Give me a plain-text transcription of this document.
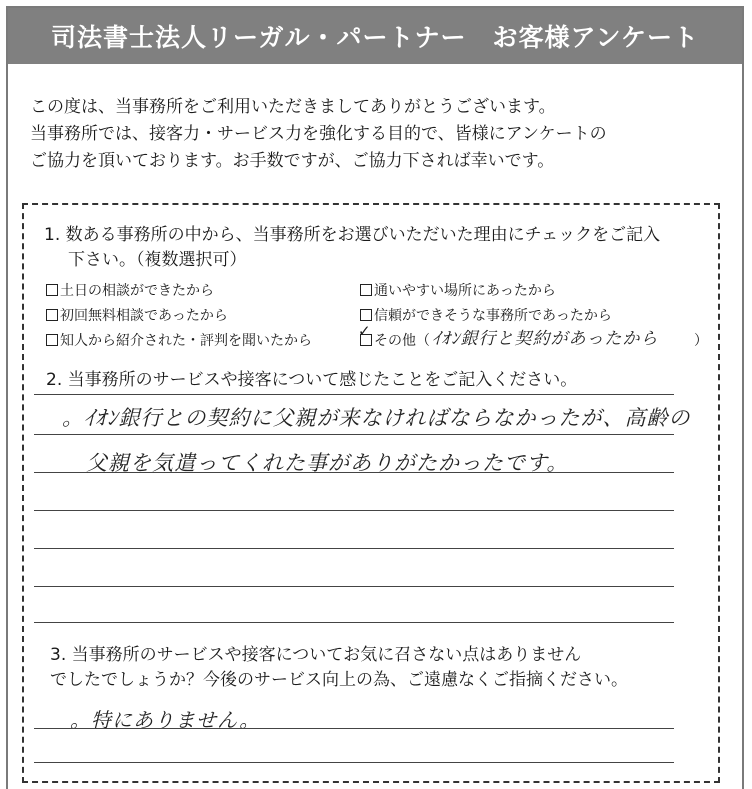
司法書士法人リーガル・パートナー　お客様アンケート
この度は、当事務所をご利用いただきましてありがとうございます。
当事務所では、接客力・サービス力を強化する目的で、皆様にアンケートの
ご協力を頂いております。お手数ですが、ご協力下されば幸いです。
1. 数ある事務所の中から、当事務所をお選びいただいた理由にチェックをご記入
下さい。（複数選択可）
土日の相談ができたから
初回無料相談であったから
知人から紹介された・評判を聞いたから
通いやすい場所にあったから
信頼ができそうな事務所であったから
その他（
✓	ｲｵﾝ銀行と契約があったから	）
2. 当事務所のサービスや接客について感じたことをご記入ください。
。ｲｵﾝ銀行との契約に父親が来なければならなかったが、高齢の
父親を気遣ってくれた事がありがたかったです。
3. 当事務所のサービスや接客についてお気に召さない点はありません
でしたでしょうか？今後のサービス向上の為、ご遠慮なくご指摘ください。
。特にありません。
